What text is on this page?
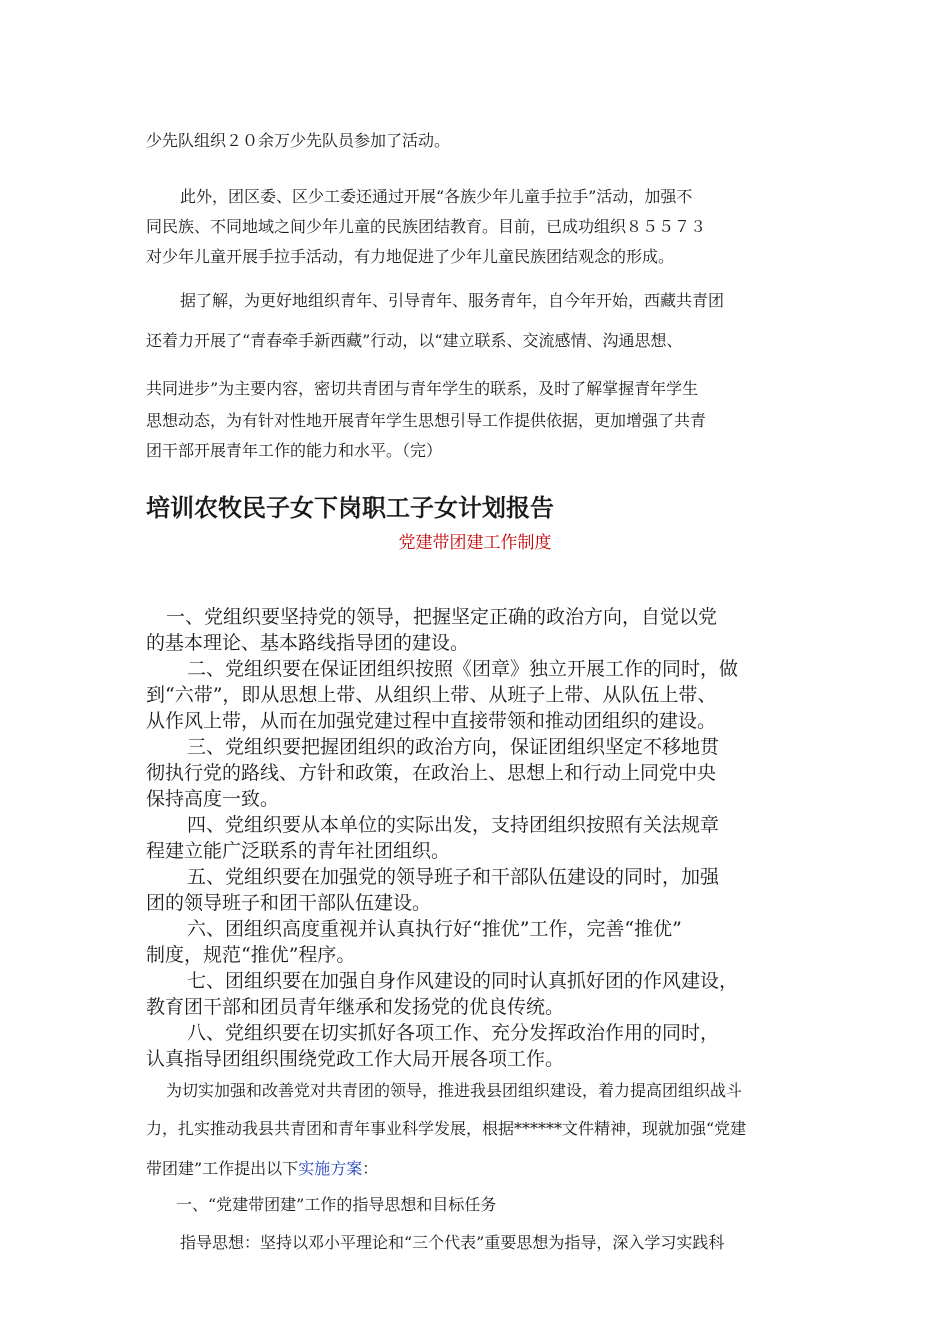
少先队组织２０余万少先队员参加了活动。
此外，团区委、区少工委还通过开展“各族少年儿童手拉手”活动，加强不
同民族、不同地域之间少年儿童的民族团结教育。目前，已成功组织８５５７３
对少年儿童开展手拉手活动，有力地促进了少年儿童民族团结观念的形成。
据了解，为更好地组织青年、引导青年、服务青年，自今年开始，西藏共青团
还着力开展了“青春牵手新西藏”行动，以“建立联系、交流感情、沟通思想、
共同进步”为主要内容，密切共青团与青年学生的联系，及时了解掌握青年学生
思想动态，为有针对性地开展青年学生思想引导工作提供依据，更加增强了共青
团干部开展青年工作的能力和水平。（完）
培训农牧民子女下岗职工子女计划报告
党建带团建工作制度
一、党组织要坚持党的领导，把握坚定正确的政治方向，自觉以党
的基本理论、基本路线指导团的建设。
二、党组织要在保证团组织按照《团章》独立开展工作的同时，做
到“六带”，即从思想上带、从组织上带、从班子上带、从队伍上带、
从作风上带，从而在加强党建过程中直接带领和推动团组织的建设。
三、党组织要把握团组织的政治方向，保证团组织坚定不移地贯
彻执行党的路线、方针和政策，在政治上、思想上和行动上同党中央
保持高度一致。
四、党组织要从本单位的实际出发，支持团组织按照有关法规章
程建立能广泛联系的青年社团组织。
五、党组织要在加强党的领导班子和干部队伍建设的同时，加强
团的领导班子和团干部队伍建设。
六、团组织高度重视并认真执行好“推优”工作，完善“推优”
制度，规范“推优”程序。
七、团组织要在加强自身作风建设的同时认真抓好团的作风建设，
教育团干部和团员青年继承和发扬党的优良传统。
八、党组织要在切实抓好各项工作、充分发挥政治作用的同时，
认真指导团组织围绕党政工作大局开展各项工作。
为切实加强和改善党对共青团的领导，推进我县团组织建设，着力提高团组织战斗
力，扎实推动我县共青团和青年事业科学发展，根据******文件精神，现就加强“党建
带团建”工作提出以下实施方案：
一、“党建带团建”工作的指导思想和目标任务
指导思想：坚持以邓小平理论和“三个代表”重要思想为指导，深入学习实践科
